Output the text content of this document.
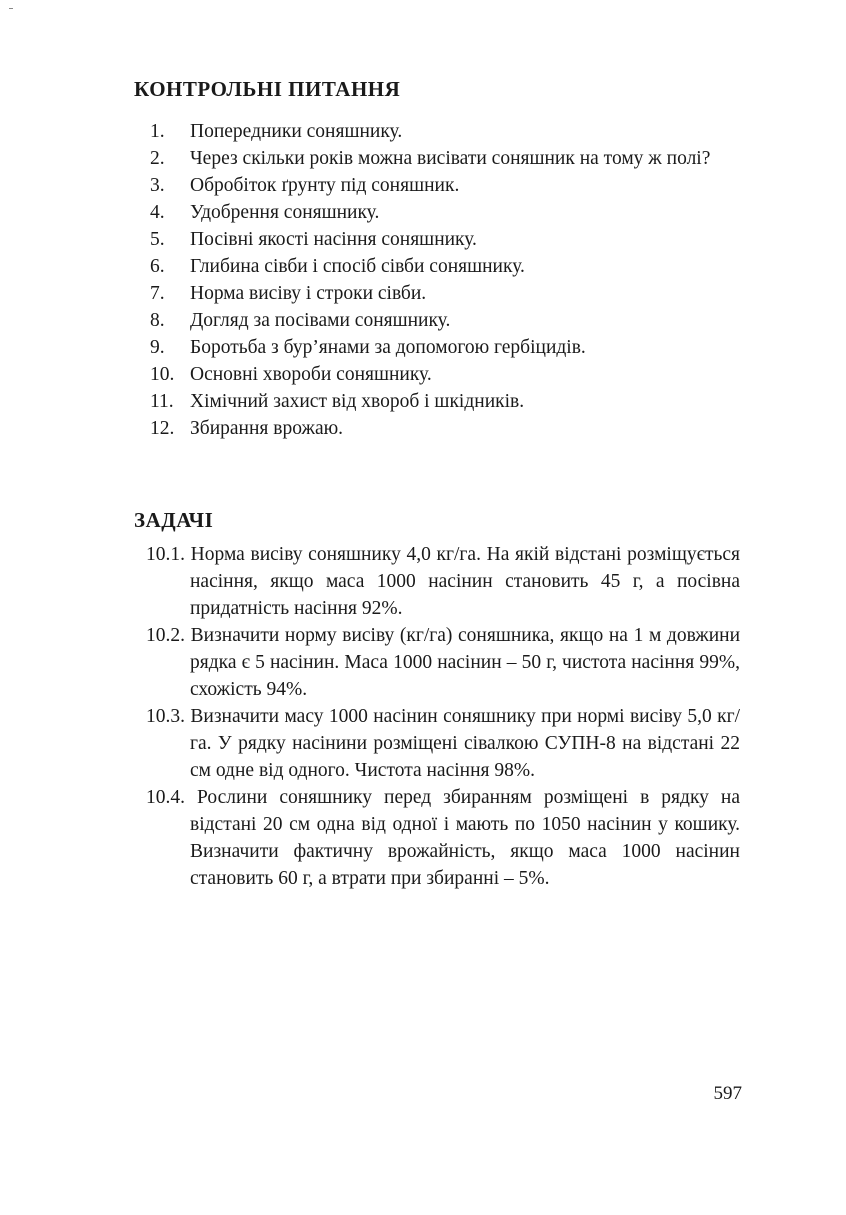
КОНТРОЛЬНІ ПИТАННЯ
1.	Попередники соняшнику.
2.	Через скільки років можна висівати соняшник на тому ж полі?
3.	Обробіток ґрунту під соняшник.
4.	Удобрення соняшнику.
5.	Посівні якості насіння соняшнику.
6.	Глибина сівби і спосіб сівби соняшнику.
7.	Норма висіву і строки сівби.
8.	Догляд за посівами соняшнику.
9.	Боротьба з бур’янами за допомогою гербіцидів.
10. Основні хвороби соняшнику.
11. Хімічний захист від хвороб і шкідників.
12. Збирання врожаю.
ЗАДАЧІ
10.1. Норма висіву соняшнику 4,0 кг/га. На якій відстані розміщується насіння, якщо маса 1000 насінин становить 45 г, а посівна придатність насіння 92%.
10.2. Визначити норму висіву (кг/га) соняшника, якщо на 1 м довжини рядка є 5 насінин. Маса 1000 насінин – 50 г, чистота насіння 99%, схожість 94%.
10.3. Визначити масу 1000 насінин соняшнику при нормі висіву 5,0 кг/га. У рядку насінини розміщені сівалкою СУПН-8 на відстані 22 см одне від одного. Чистота насіння 98%.
10.4. Рослини соняшнику перед збиранням розміщені в рядку на відстані 20 см одна від одної і мають по 1050 насінин у кошику. Визначити фактичну врожайність, якщо маса 1000 насінин становить 60 г, а втрати при збиранні – 5%.
597
